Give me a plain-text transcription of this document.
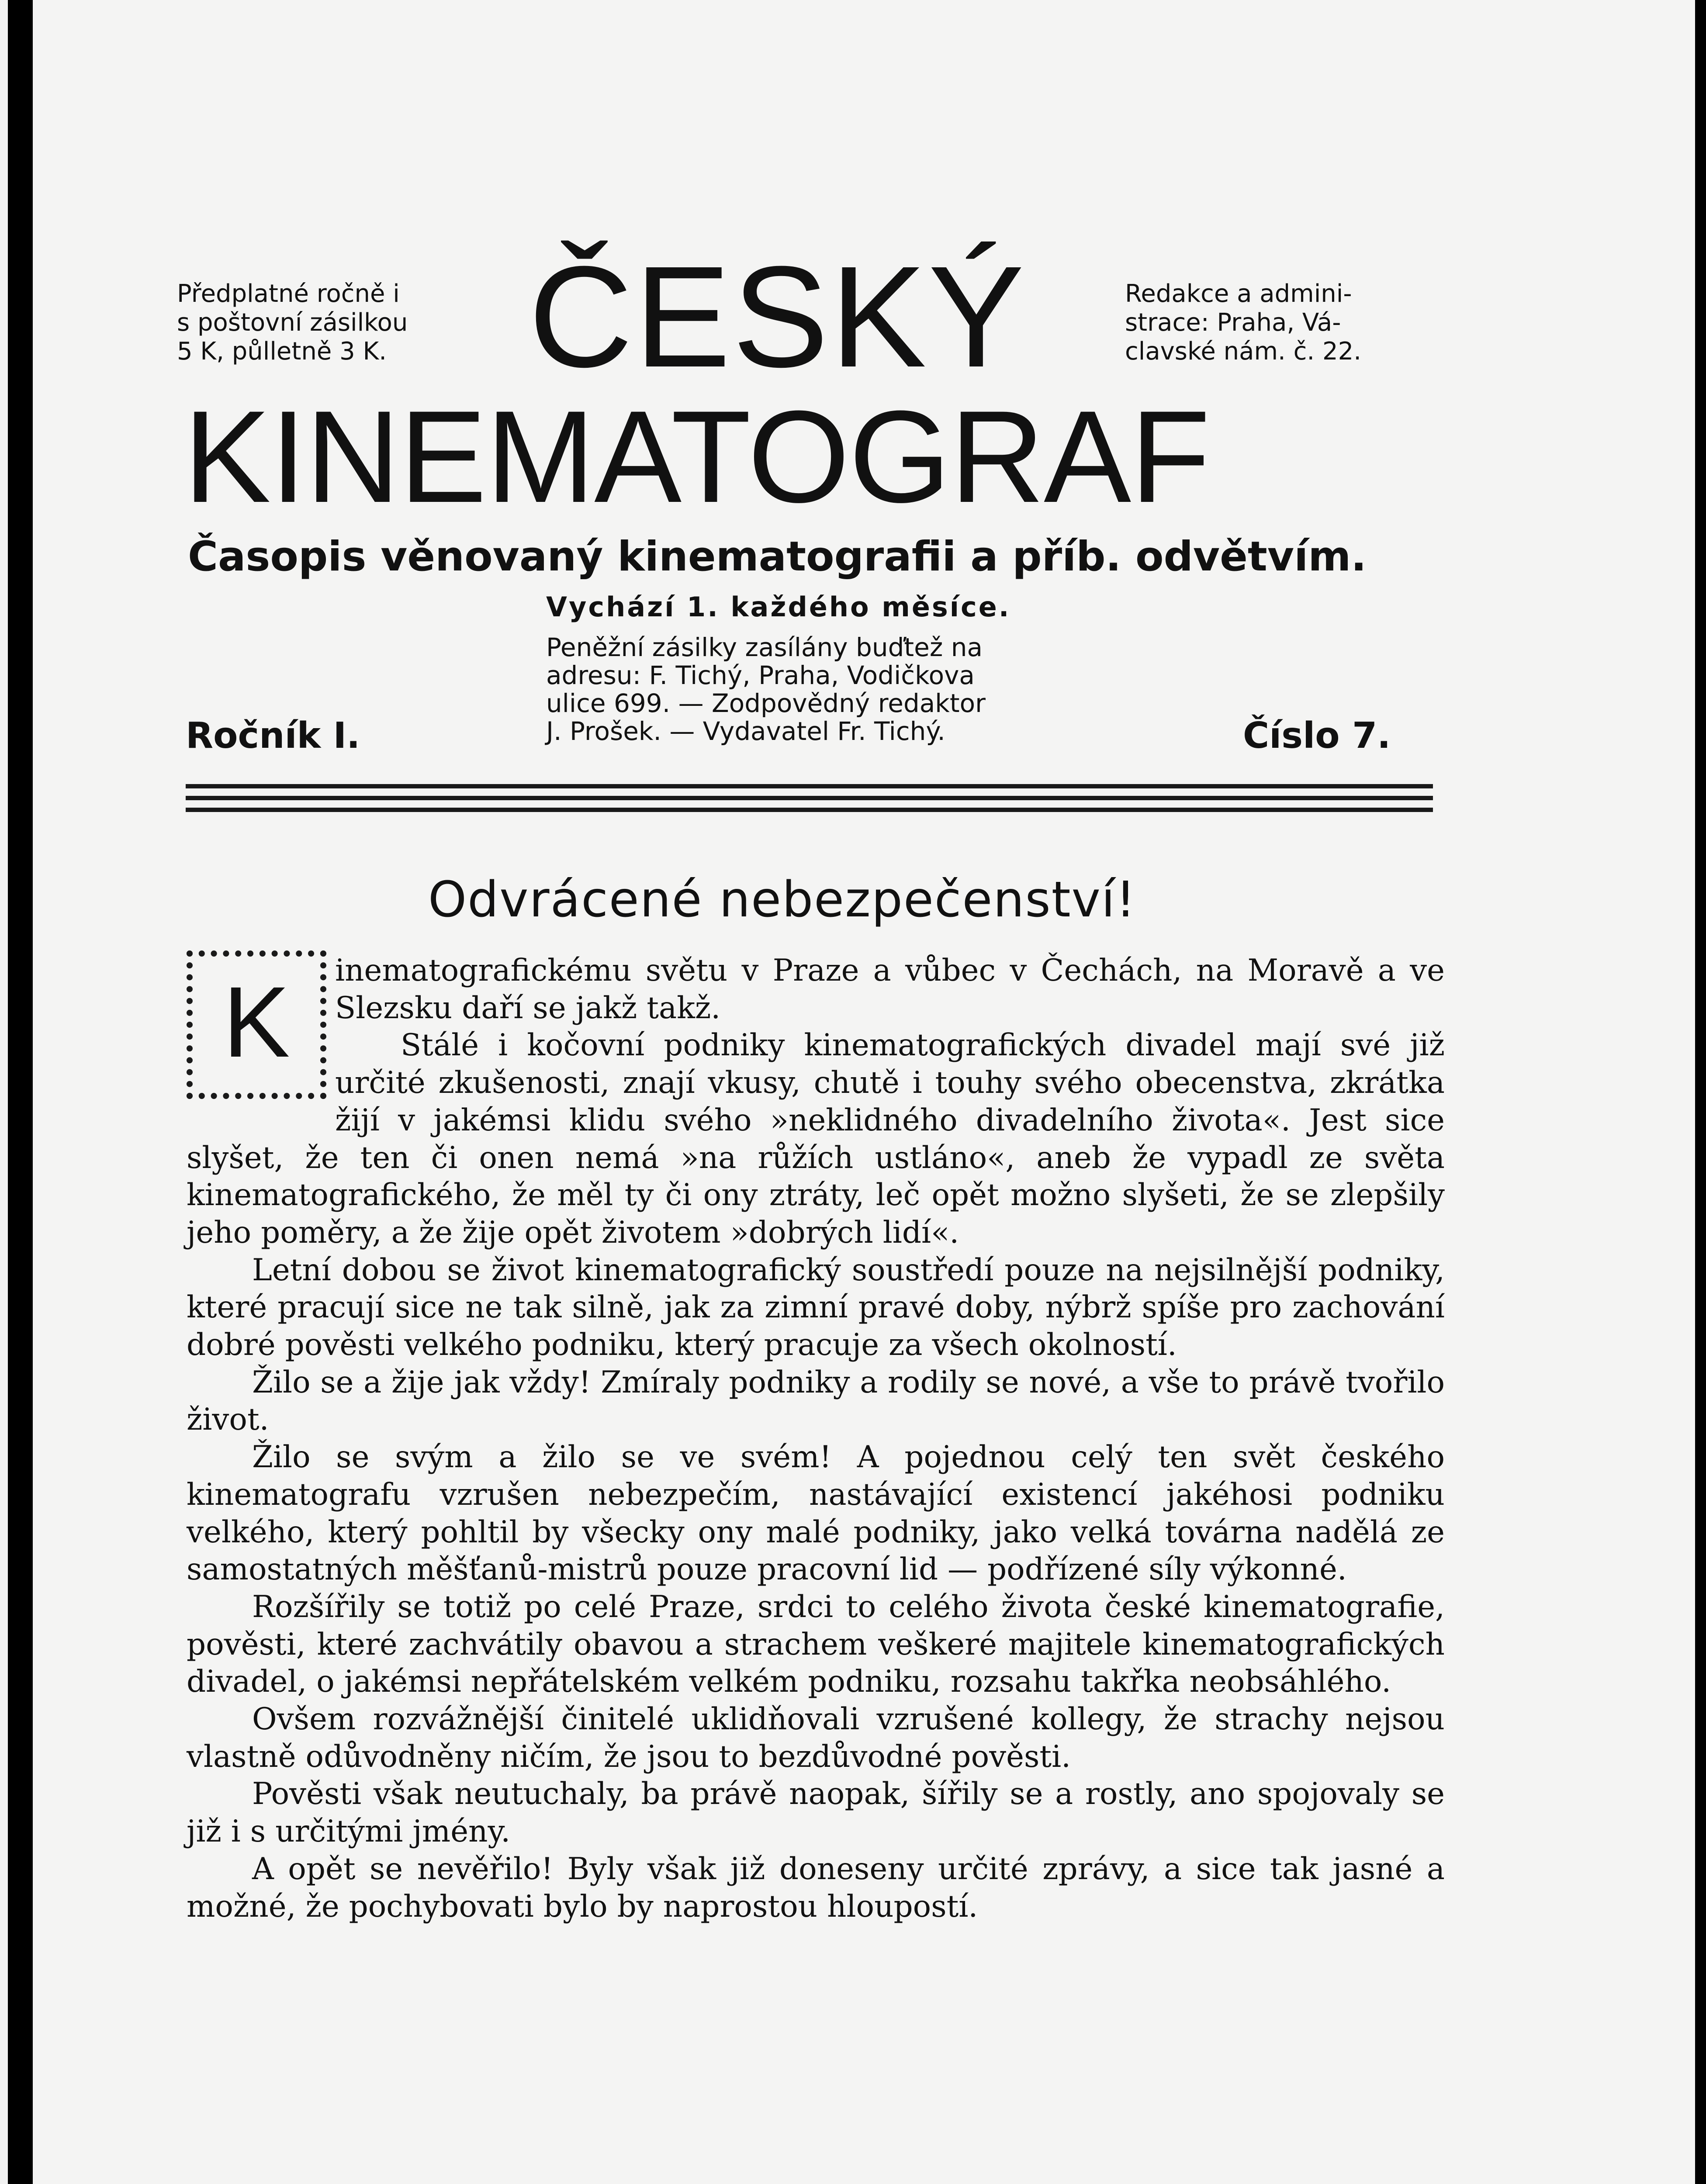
Předplatné ročně i
s poštovní zásilkou
5 K, půlletně 3 K. ČESKÝ	Redakce a admini-
strace: Praha, Vá-
clavské nám. č. 22.
KINEMATOGRAF
Časopis věnovaný kinematografii a příb. odvětvím.
Vychází 1. každého měsíce.
Peněžní zásilky zasílány buďtež na
adresu: F. Tichý, Praha, Vodičkova
ulice 699. — Zodpovědný redaktor
J. Prošek. — Vydavatel Fr. Tichý.
Ročník I.	Číslo 7.
Odvrácené nebezpečenství!
K	inematografickému světu v Praze a vůbec v Čechách, na Moravě a ve Slezsku daří se jakž takž.

Stálé i kočovní podniky kinematografických divadel mají své již určité zkušenosti, znají vkusy, chutě i touhy svého obecenstva, zkrátka žijí v jakémsi klidu svého »neklidného divadelního života«. Jest sice slyšet, že ten či onen nemá »na růžích ustláno«, aneb že vypadl ze světa kinematografického, že měl ty či ony ztráty, leč opět možno slyšeti, že se zlepšily jeho poměry, a že žije opět životem »dobrých lidí«.

Letní dobou se život kinematografický soustředí pouze na nejsilnější podniky, které pracují sice ne tak silně, jak za zimní pravé doby, nýbrž spíše pro zachování dobré pověsti velkého podniku, který pracuje za všech okolností.

Žilo se a žije jak vždy! Zmíraly podniky a rodily se nové, a vše to právě tvořilo život.

Žilo se svým a žilo se ve svém! A pojednou celý ten svět českého kinematografu vzrušen nebezpečím, nastávající existencí jakéhosi podniku velkého, který pohltil by všecky ony malé podniky, jako velká továrna nadělá ze samostatných měšťanů-mistrů pouze pracovní lid — podřízené síly výkonné.

Rozšířily se totiž po celé Praze, srdci to celého života české kinematografie, pověsti, které zachvátily obavou a strachem veškeré majitele kinematografických divadel, o jakémsi nepřátelském velkém podniku, rozsahu takřka neobsáhlého.

Ovšem rozvážnější činitelé uklidňovali vzrušené kollegy, že strachy nejsou vlastně odůvodněny ničím, že jsou to bezdůvodné pověsti.

Pověsti však neutuchaly, ba právě naopak, šířily se a rostly, ano spojovaly se již i s určitými jmény.

A opět se nevěřilo! Byly však již doneseny určité zprávy, a sice tak jasné a možné, že pochybovati bylo by naprostou hloupostí.
